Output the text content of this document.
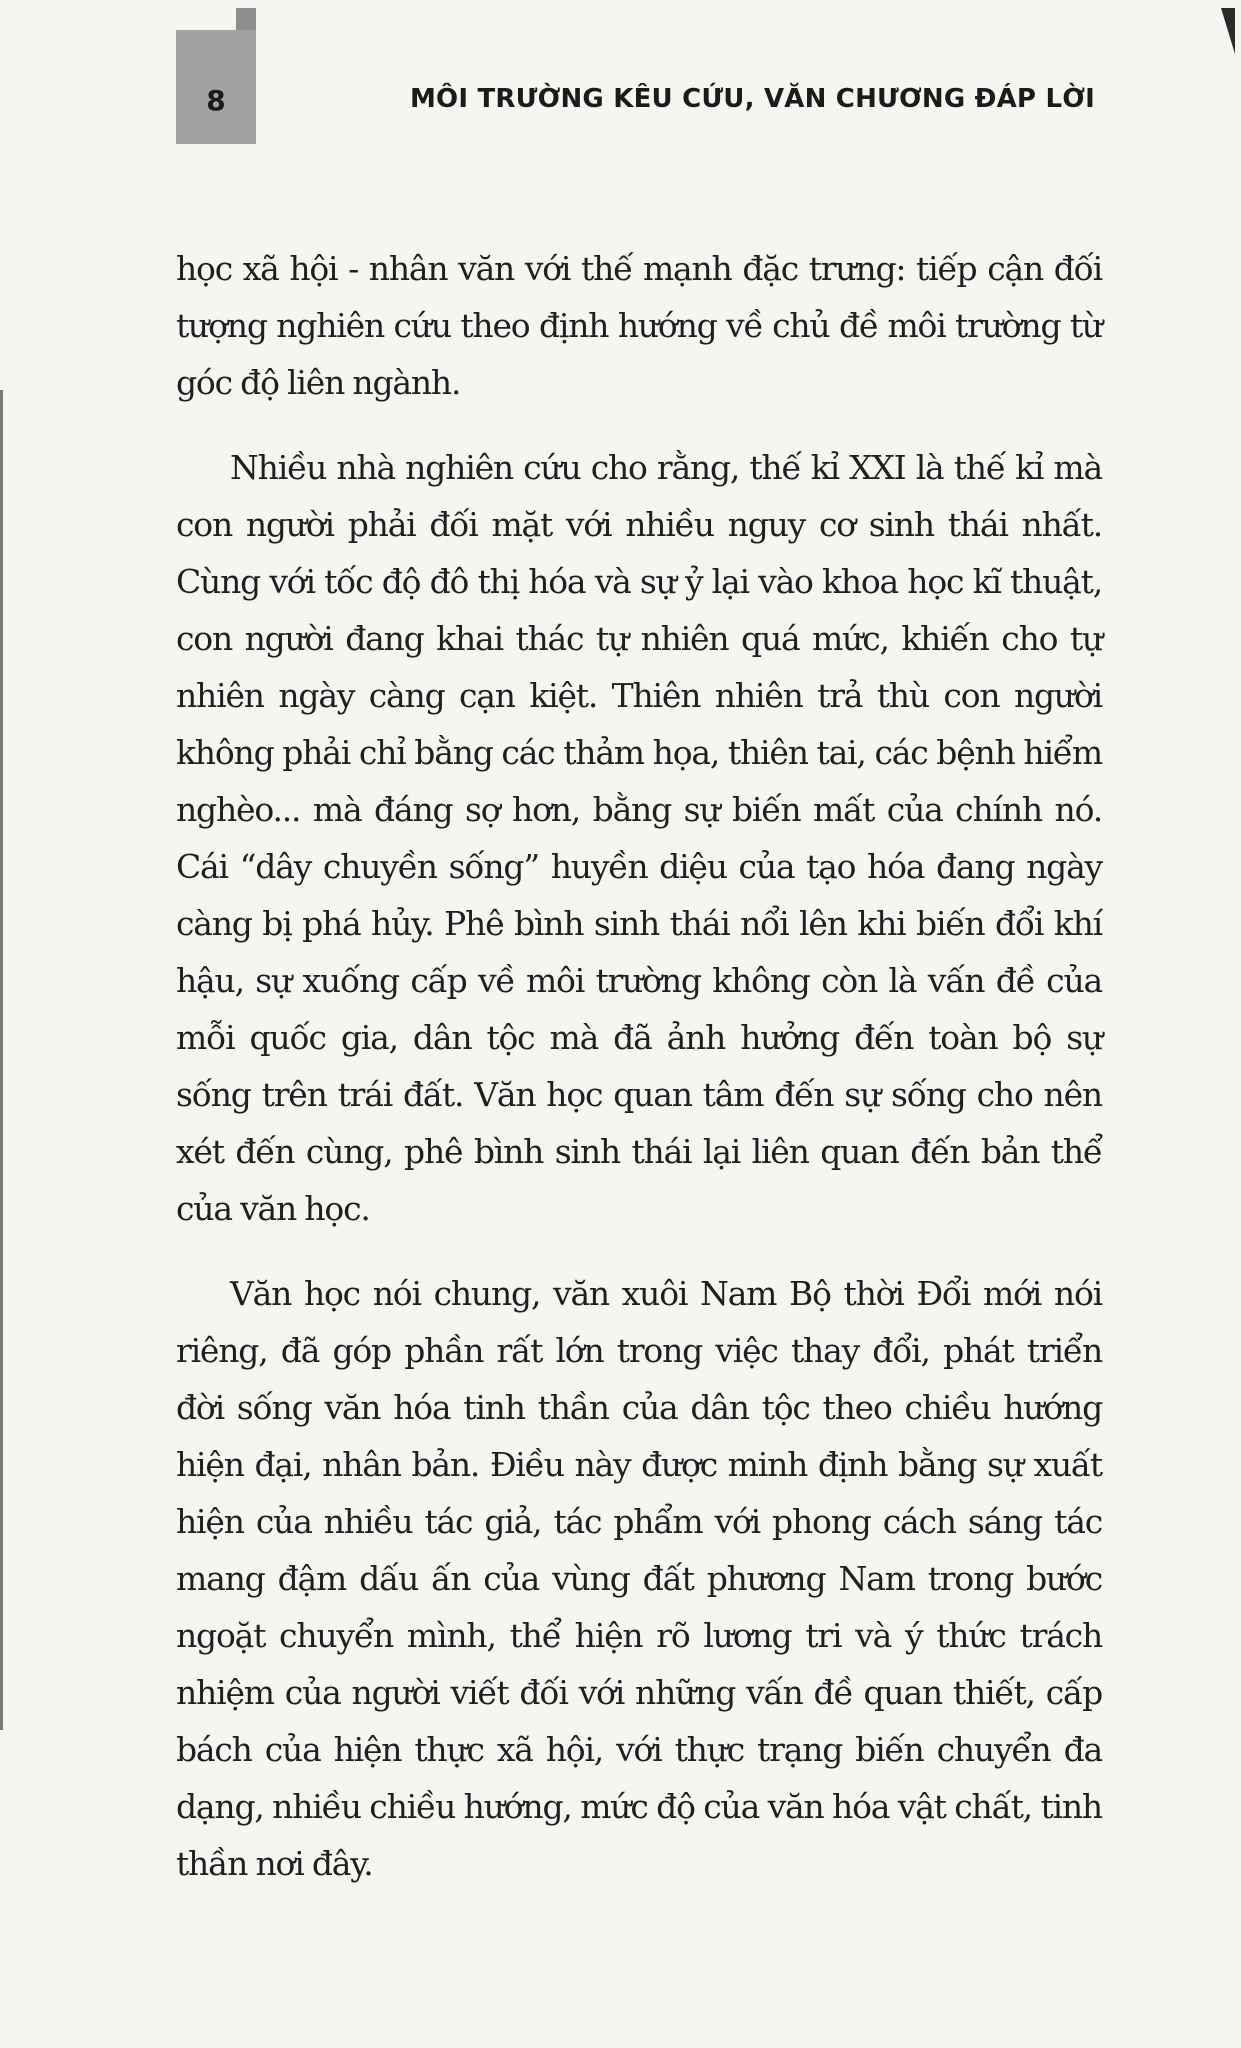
8	MÔI TRƯỜNG KÊU CỨU, VĂN CHƯƠNG ĐÁP LỜI

học xã hội - nhân văn với thế mạnh đặc trưng: tiếp cận đối tượng nghiên cứu theo định hướng về chủ đề môi trường từ góc độ liên ngành.

Nhiều nhà nghiên cứu cho rằng, thế kỉ XXI là thế kỉ mà con người phải đối mặt với nhiều nguy cơ sinh thái nhất. Cùng với tốc độ đô thị hóa và sự ỷ lại vào khoa học kĩ thuật, con người đang khai thác tự nhiên quá mức, khiến cho tự nhiên ngày càng cạn kiệt. Thiên nhiên trả thù con người không phải chỉ bằng các thảm họa, thiên tai, các bệnh hiểm nghèo... mà đáng sợ hơn, bằng sự biến mất của chính nó. Cái “dây chuyền sống” huyền diệu của tạo hóa đang ngày càng bị phá hủy. Phê bình sinh thái nổi lên khi biến đổi khí hậu, sự xuống cấp về môi trường không còn là vấn đề của mỗi quốc gia, dân tộc mà đã ảnh hưởng đến toàn bộ sự sống trên trái đất. Văn học quan tâm đến sự sống cho nên xét đến cùng, phê bình sinh thái lại liên quan đến bản thể của văn học.

Văn học nói chung, văn xuôi Nam Bộ thời Đổi mới nói riêng, đã góp phần rất lớn trong việc thay đổi, phát triển đời sống văn hóa tinh thần của dân tộc theo chiều hướng hiện đại, nhân bản. Điều này được minh định bằng sự xuất hiện của nhiều tác giả, tác phẩm với phong cách sáng tác mang đậm dấu ấn của vùng đất phương Nam trong bước ngoặt chuyển mình, thể hiện rõ lương tri và ý thức trách nhiệm của người viết đối với những vấn đề quan thiết, cấp bách của hiện thực xã hội, với thực trạng biến chuyển đa dạng, nhiều chiều hướng, mức độ của văn hóa vật chất, tinh thần nơi đây.
